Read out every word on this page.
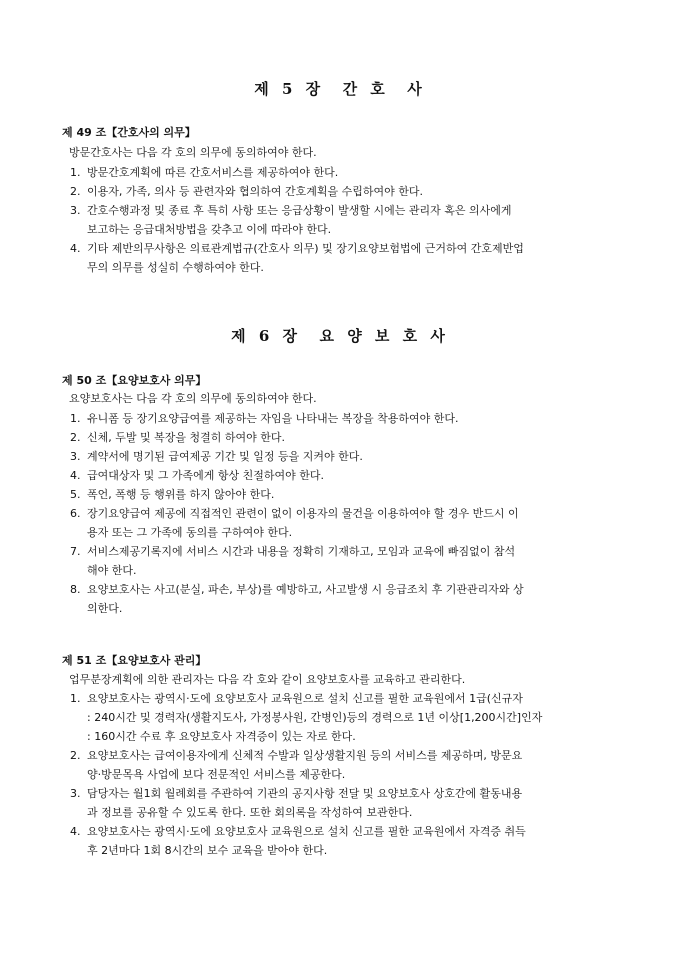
제 5 장  간 호  사
제 49 조【간호사의 의무】
방문간호사는 다음 각 호의 의무에 동의하여야 한다.
1. 방문간호계획에 따른 간호서비스를 제공하여야 한다.
2. 이용자, 가족, 의사 등 관련자와 협의하여 간호계획을 수립하여야 한다.
3. 간호수행과정 및 종료 후 특히 사항 또는 응급상황이 발생할 시에는 관리자 혹은 의사에게
보고하는 응급대처방법을 갖추고 이에 따라야 한다.
4. 기타 제반의무사항은 의료관계법규(간호사 의무) 및 장기요양보험법에 근거하여 간호제반업
무의 의무를 성실히 수행하여야 한다.
제 6 장  요 양 보 호 사
제 50 조【요양보호사 의무】
요양보호사는 다음 각 호의 의무에 동의하여야 한다.
1. 유니폼 등 장기요양급여를 제공하는 자임을 나타내는 복장을 착용하여야 한다.
2. 신체, 두발 및 복장을 청결히 하여야 한다.
3. 계약서에 명기된 급여제공 기간 및 일정 등을 지켜야 한다.
4. 급여대상자 및 그 가족에게 항상 친절하여야 한다.
5. 폭언, 폭행 등 행위를 하지 않아야 한다.
6. 장기요양급여 제공에 직접적인 관련이 없이 이용자의 물건을 이용하여야 할 경우 반드시 이
용자 또는 그 가족에 동의를 구하여야 한다.
7. 서비스제공기록지에 서비스 시간과 내용을 정확히 기재하고, 모임과 교육에 빠짐없이 참석
해야 한다.
8. 요양보호사는 사고(분실, 파손, 부상)를 예방하고, 사고발생 시 응급조치 후 기관관리자와 상
의한다.
제 51 조【요양보호사 관리】
업무분장계획에 의한 관리자는 다음 각 호와 같이 요양보호사를 교육하고 관리한다.
1. 요양보호사는 광역시·도에 요양보호사 교육원으로 설치 신고를 필한 교육원에서 1급(신규자
: 240시간 및 경력자(생활지도사, 가정봉사원, 간병인)등의 경력으로 1년 이상[1,200시간]인자
: 160시간 수료 후 요양보호사 자격증이 있는 자로 한다.
2. 요양보호사는 급여이용자에게 신체적 수발과 일상생활지원 등의 서비스를 제공하며, 방문요
양·방문목욕 사업에 보다 전문적인 서비스를 제공한다.
3. 담당자는 월1회 월례회를 주관하여 기관의 공지사항 전달 및 요양보호사 상호간에 활동내용
과 정보를 공유할 수 있도록 한다. 또한 회의록을 작성하여 보관한다.
4. 요양보호사는 광역시·도에 요양보호사 교육원으로 설치 신고를 필한 교육원에서 자격증 취득
후 2년마다 1회 8시간의 보수 교육을 받아야 한다.
